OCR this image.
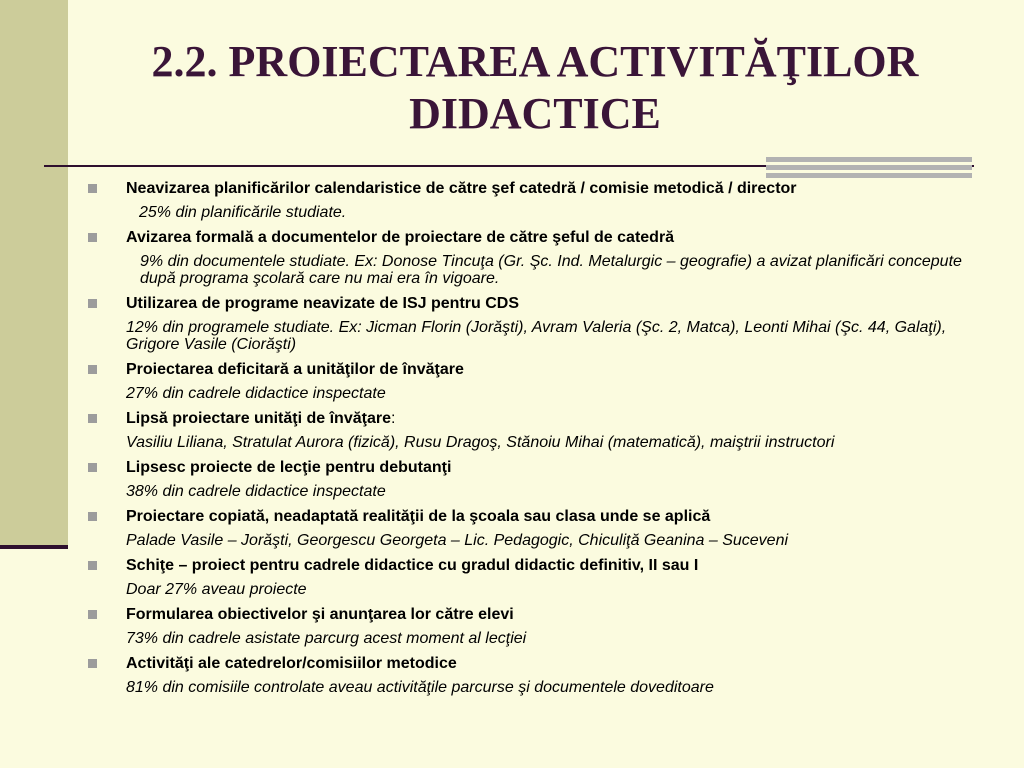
2.2. PROIECTAREA ACTIVITĂŢILOR DIDACTICE
Neavizarea planificărilor calendaristice de către şef catedră / comisie metodică / director
25% din planificările studiate.
Avizarea formală a documentelor de proiectare de către şeful de catedră
9% din documentele studiate. Ex: Donose Tincuţa (Gr. Şc. Ind. Metalurgic – geografie) a avizat planificări concepute după programa şcolară care nu mai era în vigoare.
Utilizarea de programe neavizate de ISJ pentru CDS
12% din programele studiate. Ex: Jicman Florin (Jorăşti), Avram Valeria (Şc. 2, Matca), Leonti Mihai (Şc. 44, Galaţi), Grigore Vasile (Ciorăşti)
Proiectarea deficitară a unităţilor de învăţare
27% din cadrele didactice inspectate
Lipsă proiectare unităţi de învăţare:
Vasiliu Liliana, Stratulat Aurora (fizică), Rusu Dragoş, Stănoiu Mihai (matematică), maiştrii instructori
Lipsesc proiecte de lecţie pentru debutanţi
38% din cadrele didactice inspectate
Proiectare copiată, neadaptată realităţii de la şcoala sau clasa unde se aplică
Palade Vasile – Jorăşti, Georgescu Georgeta – Lic. Pedagogic, Chiculiţă Geanina – Suceveni
Schiţe – proiect pentru cadrele didactice cu gradul didactic definitiv, II sau I
Doar 27% aveau proiecte
Formularea obiectivelor şi anunţarea lor către elevi
73% din cadrele asistate parcurg acest moment al lecţiei
Activităţi ale catedrelor/comisiilor metodice
81% din comisiile controlate aveau activităţile parcurse şi documentele doveditoare
